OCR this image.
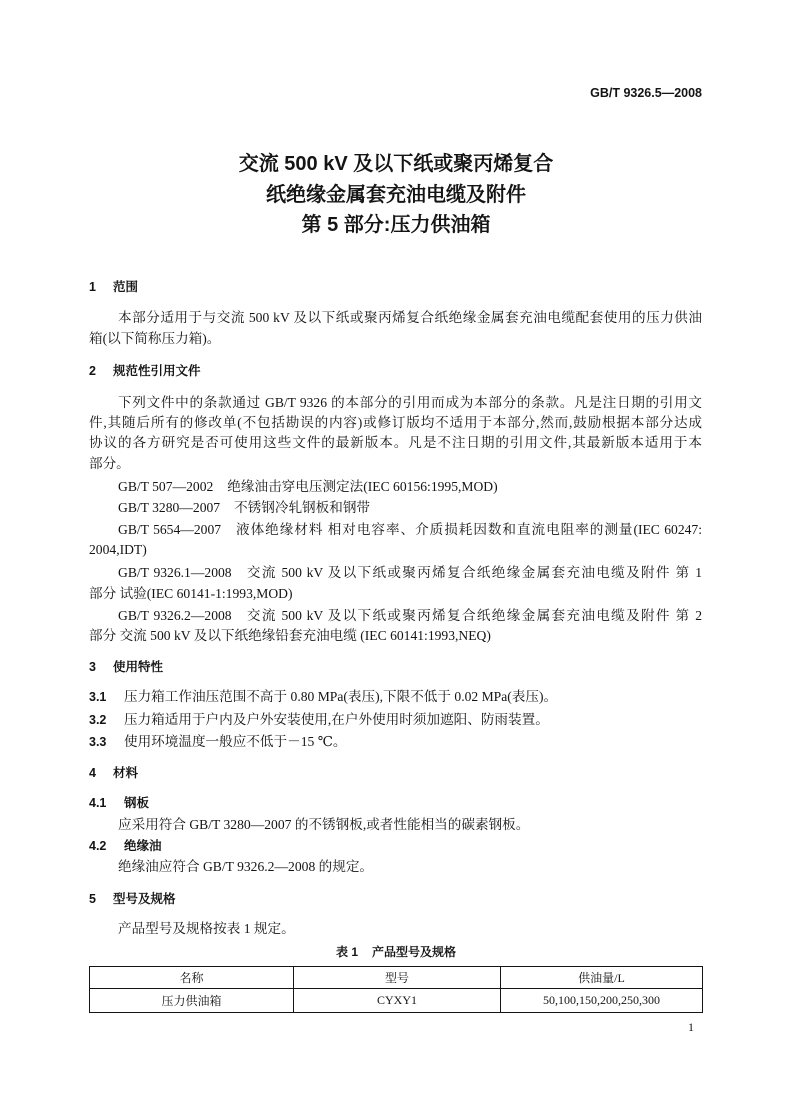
GB/T 9326.5—2008
交流 500 kV 及以下纸或聚丙烯复合
纸绝缘金属套充油电缆及附件
第 5 部分:压力供油箱
1 范围
本部分适用于与交流 500 kV 及以下纸或聚丙烯复合纸绝缘金属套充油电缆配套使用的压力供油
箱(以下简称压力箱)。
2 规范性引用文件
下列文件中的条款通过 GB/T 9326 的本部分的引用而成为本部分的条款。凡是注日期的引用文
件,其随后所有的修改单(不包括勘误的内容)或修订版均不适用于本部分,然而,鼓励根据本部分达成
协议的各方研究是否可使用这些文件的最新版本。凡是不注日期的引用文件,其最新版本适用于本
部分。
GB/T 507—2002 绝缘油击穿电压测定法(IEC 60156:1995,MOD)
GB/T 3280—2007 不锈钢冷轧钢板和钢带
GB/T 5654—2007 液体绝缘材料 相对电容率、介质损耗因数和直流电阻率的测量(IEC 60247:
2004,IDT)
GB/T 9326.1—2008 交流 500 kV 及以下纸或聚丙烯复合纸绝缘金属套充油电缆及附件 第 1
部分 试验(IEC 60141-1:1993,MOD)
GB/T 9326.2—2008 交流 500 kV 及以下纸或聚丙烯复合纸绝缘金属套充油电缆及附件 第 2
部分 交流 500 kV 及以下纸绝缘铅套充油电缆 (IEC 60141:1993,NEQ)
3 使用特性
3.1 压力箱工作油压范围不高于 0.80 MPa(表压),下限不低于 0.02 MPa(表压)。
3.2 压力箱适用于户内及户外安装使用,在户外使用时须加遮阳、防雨装置。
3.3 使用环境温度一般应不低于－15 ℃。
4 材料
4.1 钢板
应采用符合 GB/T 3280—2007 的不锈钢板,或者性能相当的碳素钢板。
4.2 绝缘油
绝缘油应符合 GB/T 9326.2—2008 的规定。
5 型号及规格
产品型号及规格按表 1 规定。
表 1 产品型号及规格
名称	型号	供油量/L
压力供油箱	CYXY1	50,100,150,200,250,300
1
